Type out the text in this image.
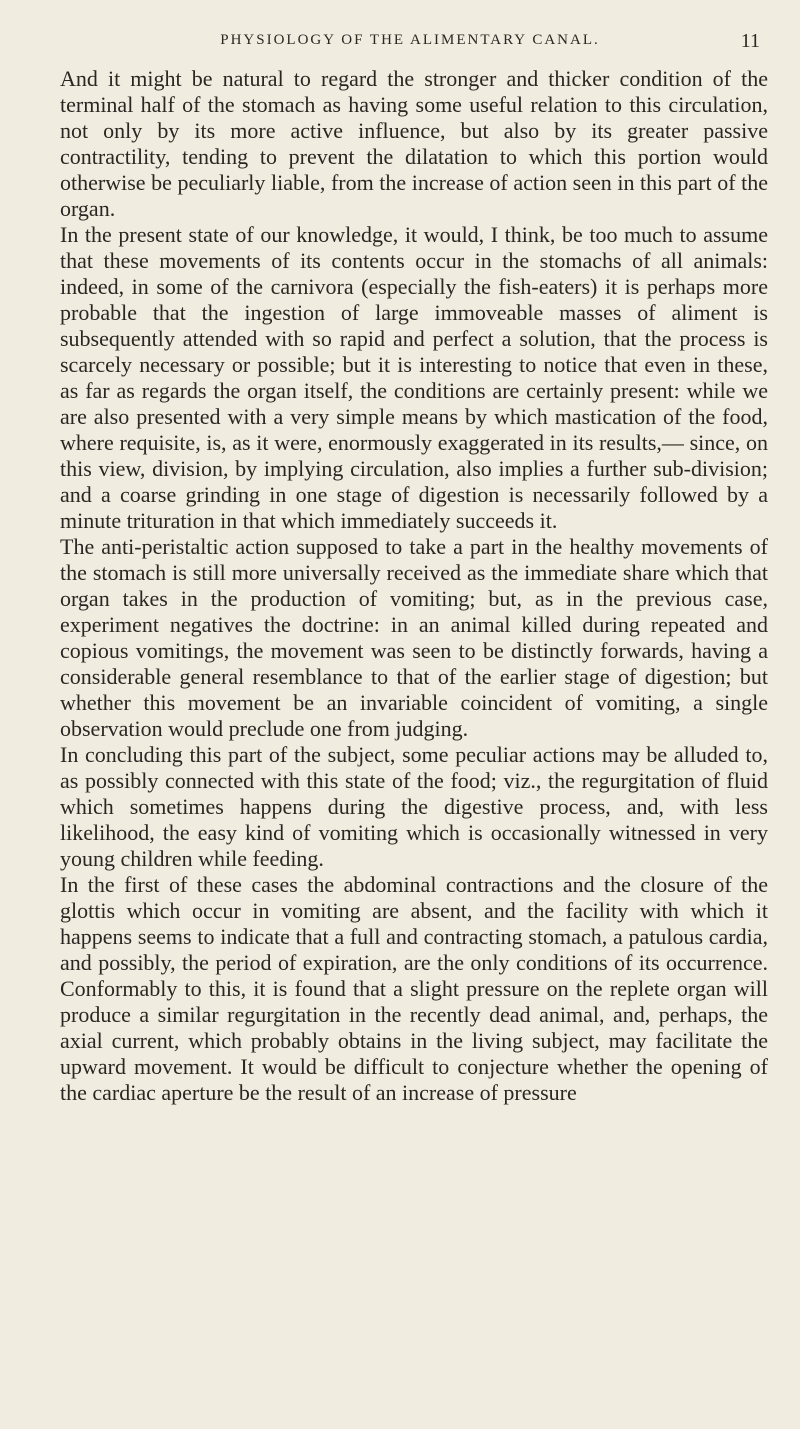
PHYSIOLOGY OF THE ALIMENTARY CANAL.	11

And it might be natural to regard the stronger and thicker condition of the terminal half of the stomach as having some useful relation to this circulation, not only by its more active influence, but also by its greater passive contractility, tending to prevent the dilatation to which this portion would otherwise be peculiarly liable, from the increase of action seen in this part of the organ.

In the present state of our knowledge, it would, I think, be too much to assume that these movements of its contents occur in the stomachs of all animals: indeed, in some of the carnivora (especially the fish-eaters) it is perhaps more probable that the ingestion of large immoveable masses of aliment is subsequently attended with so rapid and perfect a solution, that the process is scarcely necessary or possible; but it is interesting to notice that even in these, as far as regards the organ itself, the conditions are certainly present: while we are also presented with a very simple means by which mastication of the food, where requisite, is, as it were, enormously exaggerated in its results,— since, on this view, division, by implying circulation, also implies a further sub-division; and a coarse grinding in one stage of digestion is necessarily followed by a minute trituration in that which immediately succeeds it.

The anti-peristaltic action supposed to take a part in the healthy movements of the stomach is still more universally received as the immediate share which that organ takes in the production of vomiting; but, as in the previous case, experiment negatives the doctrine: in an animal killed during repeated and copious vomitings, the movement was seen to be distinctly forwards, having a considerable general resemblance to that of the earlier stage of digestion; but whether this movement be an invariable coincident of vomiting, a single observation would preclude one from judging.

In concluding this part of the subject, some peculiar actions may be alluded to, as possibly connected with this state of the food; viz., the regurgitation of fluid which sometimes happens during the digestive process, and, with less likelihood, the easy kind of vomiting which is occasionally witnessed in very young children while feeding.

In the first of these cases the abdominal contractions and the closure of the glottis which occur in vomiting are absent, and the facility with which it happens seems to indicate that a full and contracting stomach, a patulous cardia, and possibly, the period of expiration, are the only conditions of its occurrence. Conformably to this, it is found that a slight pressure on the replete organ will produce a similar regurgitation in the recently dead animal, and, perhaps, the axial current, which probably obtains in the living subject, may facilitate the upward movement. It would be difficult to conjecture whether the opening of the cardiac aperture be the result of an increase of pressure
